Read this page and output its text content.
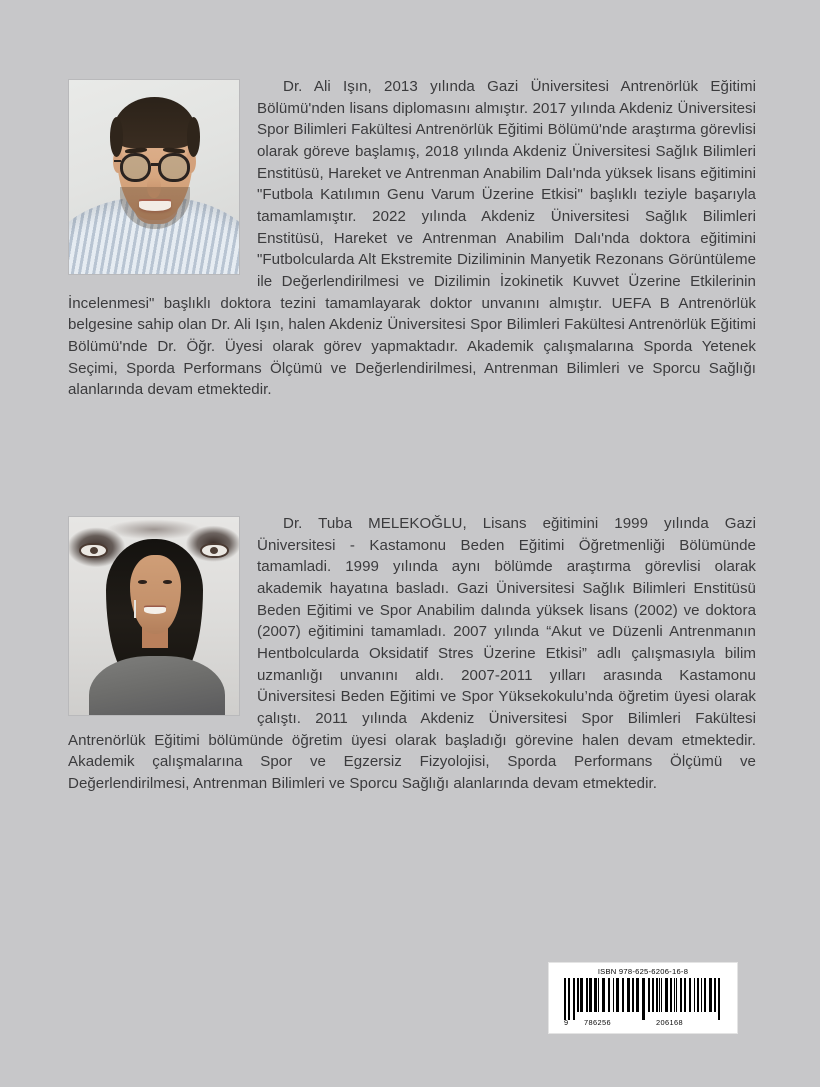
Dr. Ali Işın, 2013 yılında Gazi Üniversitesi Antrenörlük Eğitimi Bölümü'nden lisans diplomasını almıştır. 2017 yılında Akdeniz Üniversitesi Spor Bilimleri Fakültesi Antrenörlük Eğitimi Bölümü'nde araştırma görevlisi olarak göreve başlamış, 2018 yılında Akdeniz Üniversitesi Sağlık Bilimleri Enstitüsü, Hareket ve Antrenman Anabilim Dalı'nda yüksek lisans eğitimini "Futbola Katılımın Genu Varum Üzerine Etkisi" başlıklı teziyle başarıyla tamamlamıştır. 2022 yılında Akdeniz Üniversitesi Sağlık Bilimleri Enstitüsü, Hareket ve Antrenman Anabilim Dalı'nda doktora eğitimini "Futbolcularda Alt Ekstremite Diziliminin Manyetik Rezonans Görüntüleme ile Değerlendirilmesi ve Dizilimin İzokinetik Kuvvet Üzerine Etkilerinin İncelenmesi" başlıklı doktora tezini tamamlayarak doktor unvanını almıştır. UEFA B Antrenörlük belgesine sahip olan Dr. Ali Işın, halen Akdeniz Üniversitesi Spor Bilimleri Fakültesi Antrenörlük Eğitimi Bölümü'nde Dr. Öğr. Üyesi olarak görev yapmaktadır. Akademik çalışmalarına Sporda Yetenek Seçimi, Sporda Performans Ölçümü ve Değerlendirilmesi, Antrenman Bilimleri ve Sporcu Sağlığı alanlarında devam etmektedir.

Dr. Tuba MELEKOĞLU, Lisans eğitimini 1999 yılında Gazi Üniversitesi - Kastamonu Beden Eğitimi Öğretmenliği Bölümünde tamamladi. 1999 yılında aynı bölümde araştırma görevlisi olarak akademik hayatına basladı. Gazi Üniversitesi Sağlık Bilimleri Enstitüsü Beden Eğitimi ve Spor Anabilim dalında yüksek lisans (2002) ve doktora (2007) eğitimini tamamladı. 2007 yılında “Akut ve Düzenli Antrenmanın Hentbolcularda Oksidatif Stres Üzerine Etkisi” adlı çalışmasıyla bilim uzmanlığı unvanını aldı. 2007-2011 yılları arasında Kastamonu Üniversitesi Beden Eğitimi ve Spor Yüksekokulu’nda öğretim üyesi olarak çalıştı. 2011 yılında Akdeniz Üniversitesi Spor Bilimleri Fakültesi Antrenörlük Eğitimi bölümünde öğretim üyesi olarak başladığı görevine halen devam etmektedir. Akademik çalışmalarına Spor ve Egzersiz Fizyolojisi, Sporda Performans Ölçümü ve Değerlendirilmesi, Antrenman Bilimleri ve Sporcu Sağlığı alanlarında devam etmektedir.

ISBN 978-625-6206-16-8
9 786256	206168
